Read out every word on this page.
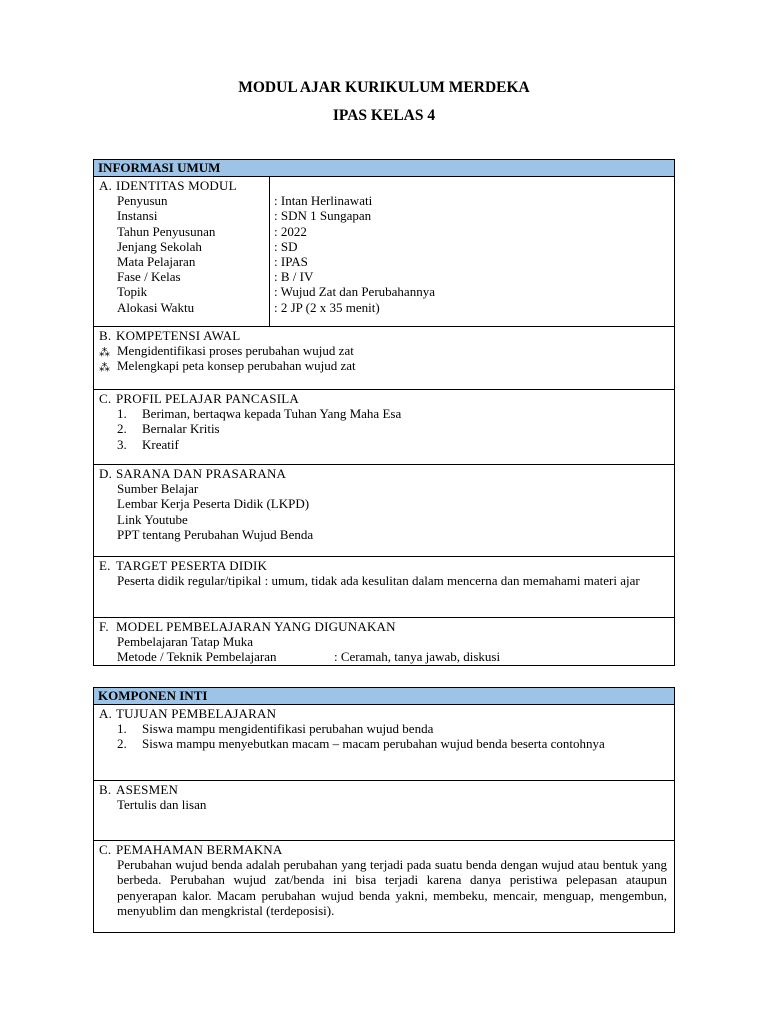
MODUL AJAR KURIKULUM MERDEKA
IPAS KELAS 4
INFORMASI UMUM
A. IDENTITAS MODUL
Penyusun	: Intan Herlinawati
Instansi	: SDN 1 Sungapan
Tahun Penyusunan	: 2022
Jenjang Sekolah	: SD
Mata Pelajaran	: IPAS
Fase / Kelas	: B / IV
Topik	: Wujud Zat dan Perubahannya
Alokasi Waktu	: 2 JP (2 x 35 menit)
B. KOMPETENSI AWAL
⁂ Mengidentifikasi proses perubahan wujud zat
⁂ Melengkapi peta konsep perubahan wujud zat
C. PROFIL PELAJAR PANCASILA
1. Beriman, bertaqwa kepada Tuhan Yang Maha Esa
2. Bernalar Kritis
3. Kreatif
D. SARANA DAN PRASARANA
Sumber Belajar
Lembar Kerja Peserta Didik (LKPD)
Link Youtube
PPT tentang Perubahan Wujud Benda
E. TARGET PESERTA DIDIK
Peserta didik regular/tipikal : umum, tidak ada kesulitan dalam mencerna dan memahami materi ajar
F. MODEL PEMBELAJARAN YANG DIGUNAKAN
Pembelajaran Tatap Muka
Metode / Teknik Pembelajaran	: Ceramah, tanya jawab, diskusi
KOMPONEN INTI
A. TUJUAN PEMBELAJARAN
1. Siswa mampu mengidentifikasi perubahan wujud benda
2. Siswa mampu menyebutkan macam – macam perubahan wujud benda beserta contohnya
B. ASESMEN
Tertulis dan lisan
C. PEMAHAMAN BERMAKNA
Perubahan wujud benda adalah perubahan yang terjadi pada suatu benda dengan wujud atau bentuk yang berbeda. Perubahan wujud zat/benda ini bisa terjadi karena danya peristiwa pelepasan ataupun penyerapan kalor. Macam perubahan wujud benda yakni, membeku, mencair, menguap, mengembun, menyublim dan mengkristal (terdeposisi).
